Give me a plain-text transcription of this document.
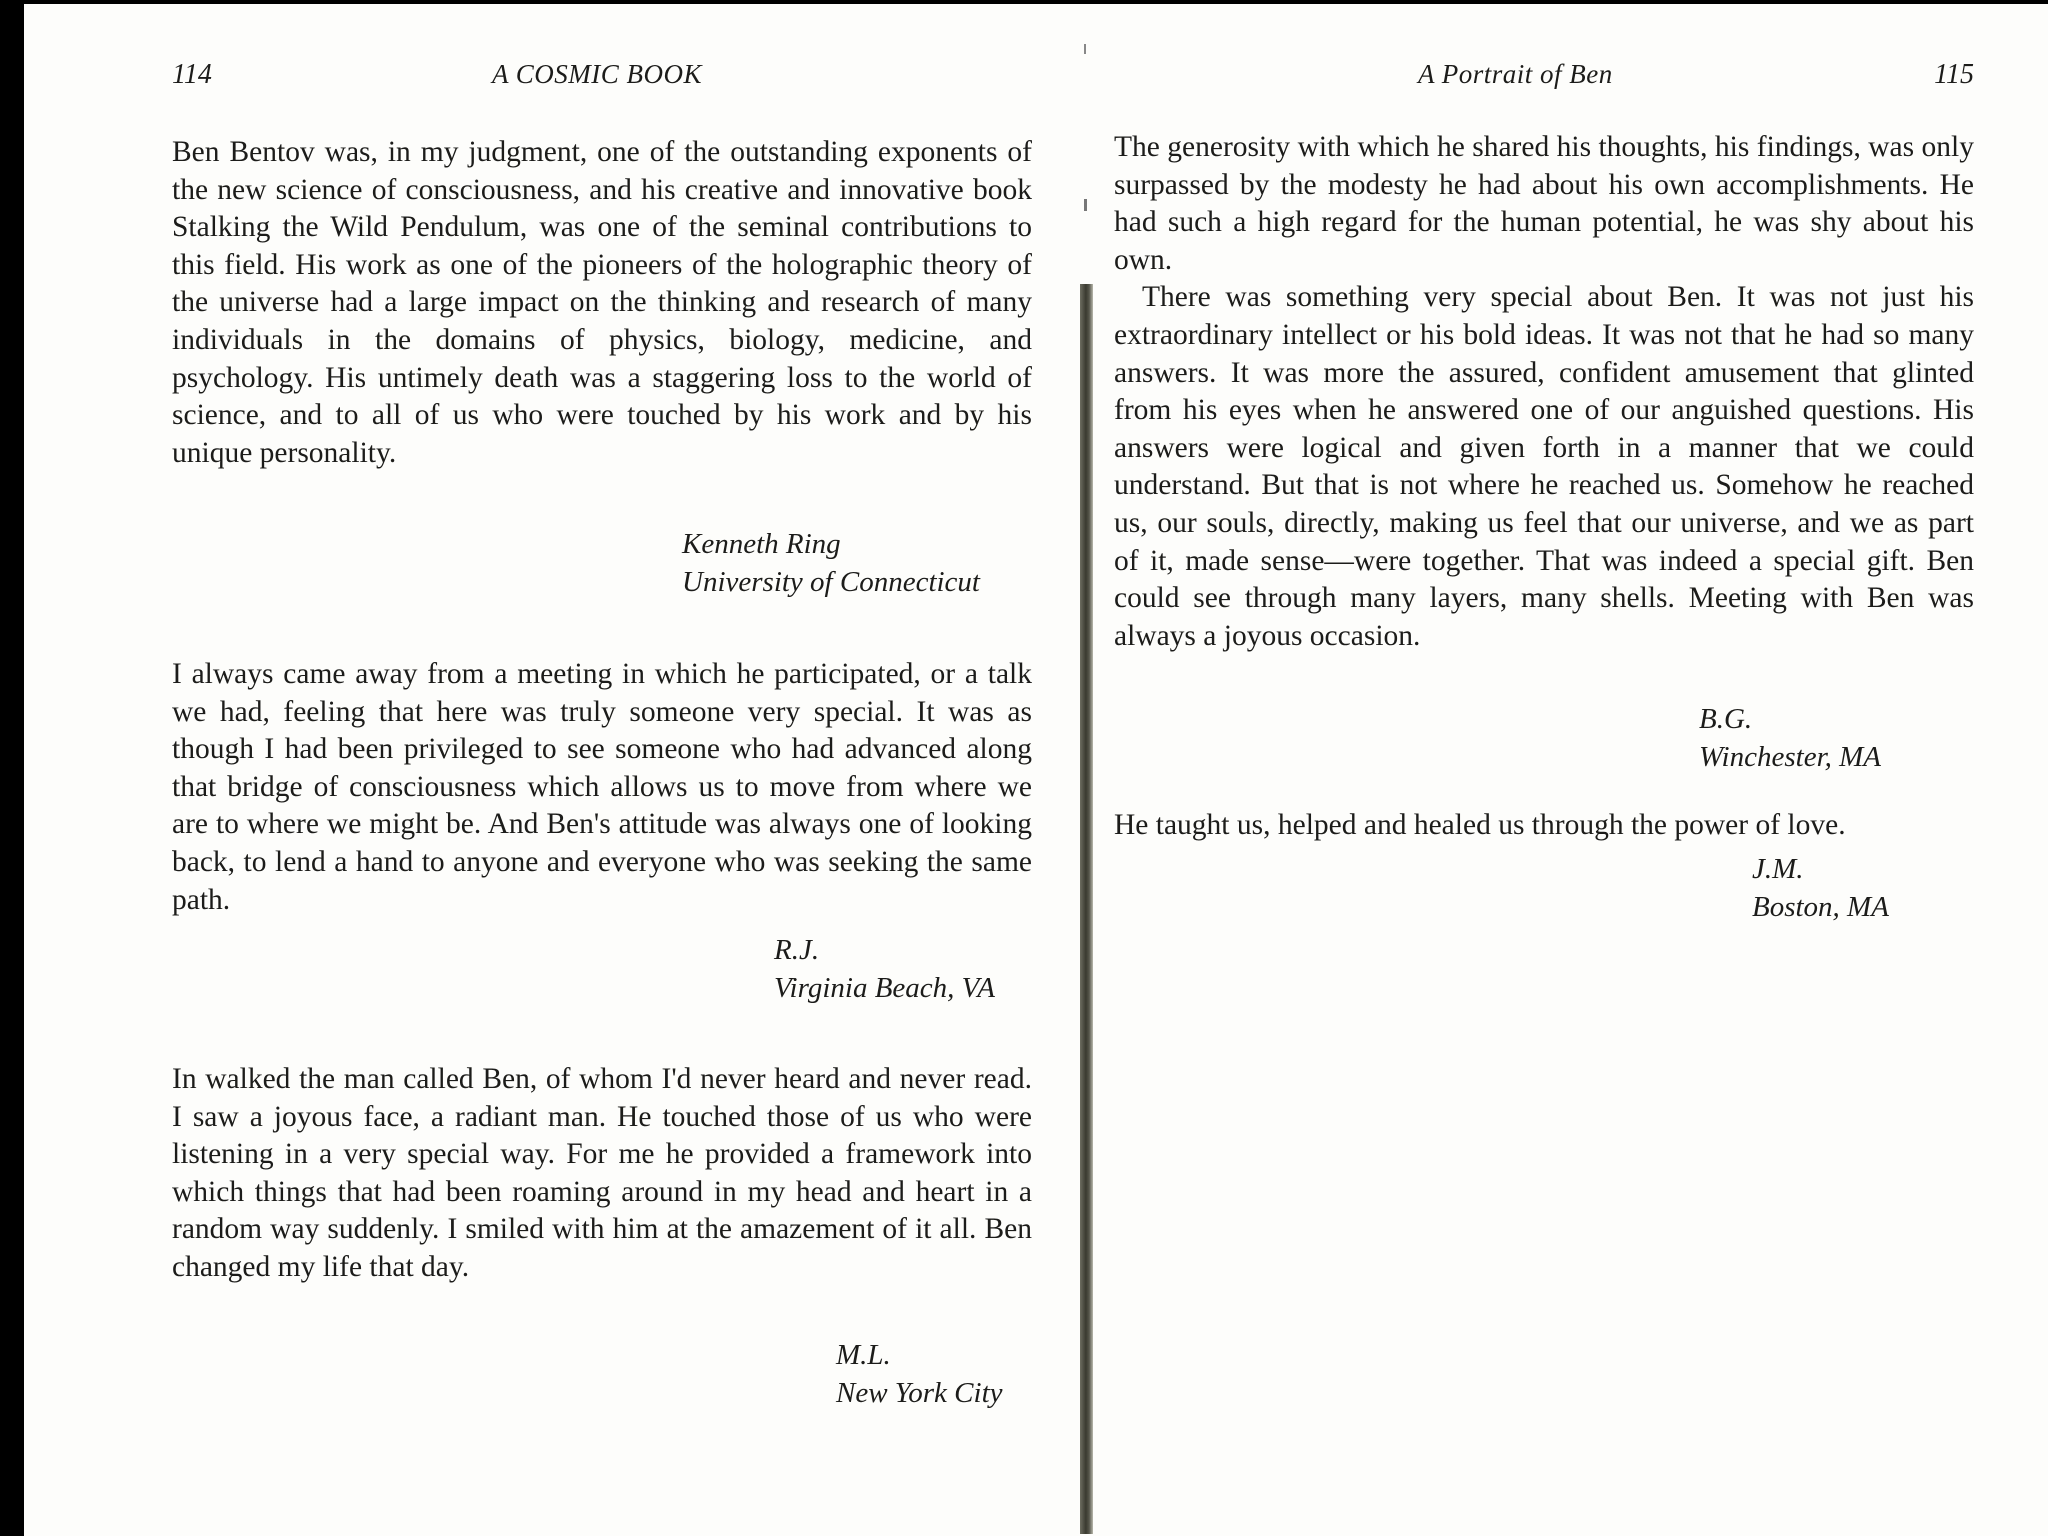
114	A COSMIC BOOK

Ben Bentov was, in my judgment, one of the outstanding exponents of the new science of consciousness, and his creative and innovative book Stalking the Wild Pendulum, was one of the seminal contributions to this field. His work as one of the pioneers of the holographic theory of the universe had a large impact on the thinking and research of many individuals in the domains of physics, biology, medicine, and psychology. His untimely death was a staggering loss to the world of science, and to all of us who were touched by his work and by his unique personality.

Kenneth Ring
University of Connecticut

I always came away from a meeting in which he participated, or a talk we had, feeling that here was truly someone very special. It was as though I had been privileged to see someone who had advanced along that bridge of consciousness which allows us to move from where we are to where we might be. And Ben's attitude was always one of looking back, to lend a hand to anyone and everyone who was seeking the same path.

R.J.
Virginia Beach, VA

In walked the man called Ben, of whom I'd never heard and never read. I saw a joyous face, a radiant man. He touched those of us who were listening in a very special way. For me he provided a framework into which things that had been roaming around in my head and heart in a random way suddenly. I smiled with him at the amazement of it all. Ben changed my life that day.

M.L.
New York City
A Portrait of Ben	115

The generosity with which he shared his thoughts, his findings, was only surpassed by the modesty he had about his own accomplishments. He had such a high regard for the human potential, he was shy about his own.

There was something very special about Ben. It was not just his extraordinary intellect or his bold ideas. It was not that he had so many answers. It was more the assured, confident amusement that glinted from his eyes when he answered one of our anguished questions. His answers were logical and given forth in a manner that we could understand. But that is not where he reached us. Somehow he reached us, our souls, directly, making us feel that our universe, and we as part of it, made sense—were together. That was indeed a special gift. Ben could see through many layers, many shells. Meeting with Ben was always a joyous occasion.

B.G.
Winchester, MA

He taught us, helped and healed us through the power of love.

J.M.
Boston, MA
